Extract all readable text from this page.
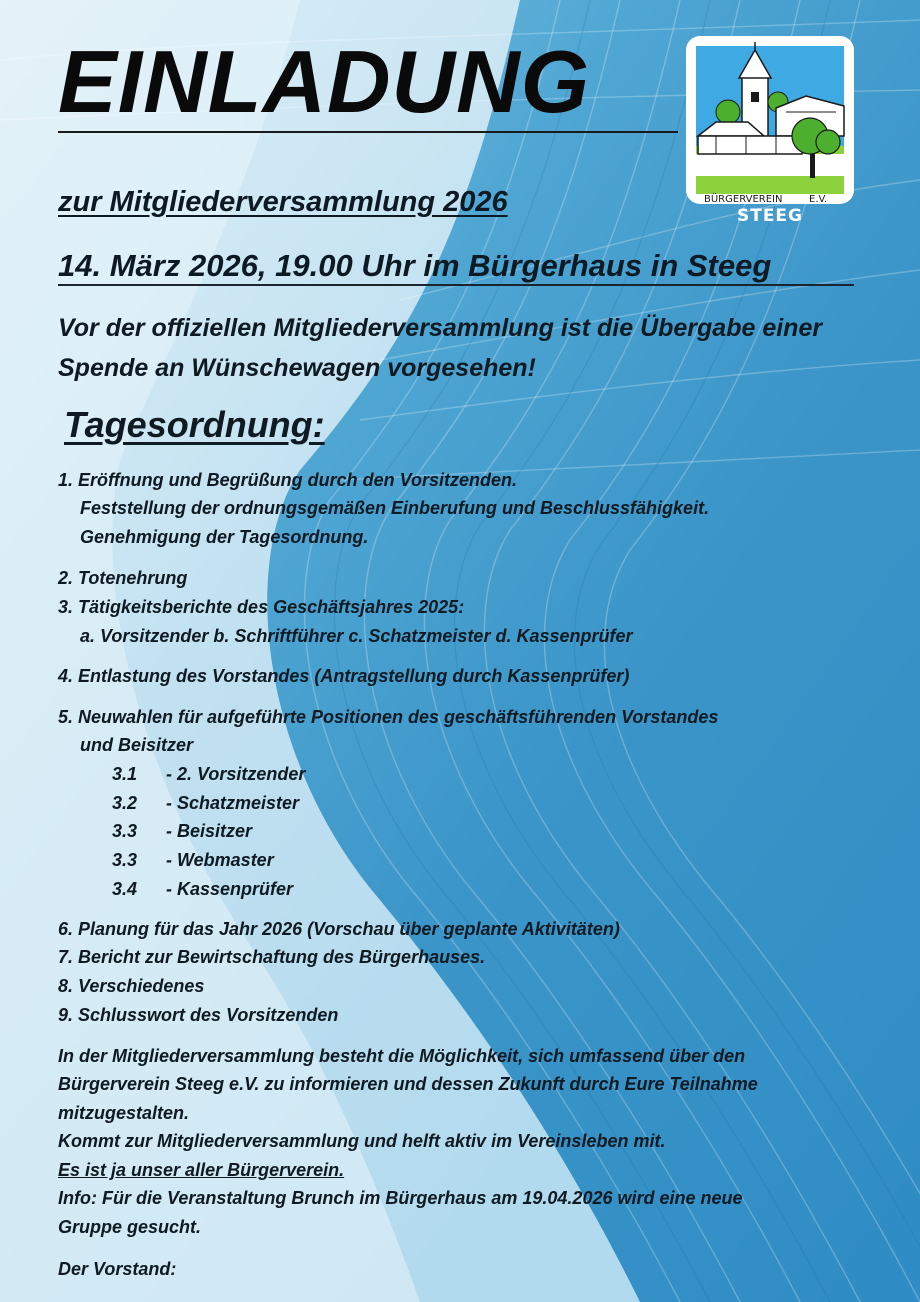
EINLADUNG
BÜRGERVEREIN	E.V.
STEEG
zur Mitgliederversammlung 2026
14. März 2026, 19.00 Uhr im Bürgerhaus in Steeg

Vor der offiziellen Mitgliederversammlung ist die Übergabe einer Spende an Wünschewagen vorgesehen!

Tagesordnung:
1. Eröffnung und Begrüßung durch den Vorsitzenden.
Feststellung der ordnungsgemäßen Einberufung und Beschlussfähigkeit.
Genehmigung der Tagesordnung.
2. Totenehrung
3. Tätigkeitsberichte des Geschäftsjahres 2025:
a. Vorsitzender b. Schriftführer c. Schatzmeister d. Kassenprüfer
4. Entlastung des Vorstandes (Antragstellung durch Kassenprüfer)
5. Neuwahlen für aufgeführte Positionen des geschäftsführenden Vorstandes
und Beisitzer
3.1 - 2. Vorsitzender
3.2 - Schatzmeister
3.3 - Beisitzer
3.3 - Webmaster
3.4 - Kassenprüfer
6. Planung für das Jahr 2026 (Vorschau über geplante Aktivitäten)
7. Bericht zur Bewirtschaftung des Bürgerhauses.
8. Verschiedenes
9. Schlusswort des Vorsitzenden
In der Mitgliederversammlung besteht die Möglichkeit, sich umfassend über den
Bürgerverein Steeg e.V. zu informieren und dessen Zukunft durch Eure Teilnahme
mitzugestalten.
Kommt zur Mitgliederversammlung und helft aktiv im Vereinsleben mit.
Es ist ja unser aller Bürgerverein.
Info: Für die Veranstaltung Brunch im Bürgerhaus am 19.04.2026 wird eine neue
Gruppe gesucht.
Der Vorstand:
